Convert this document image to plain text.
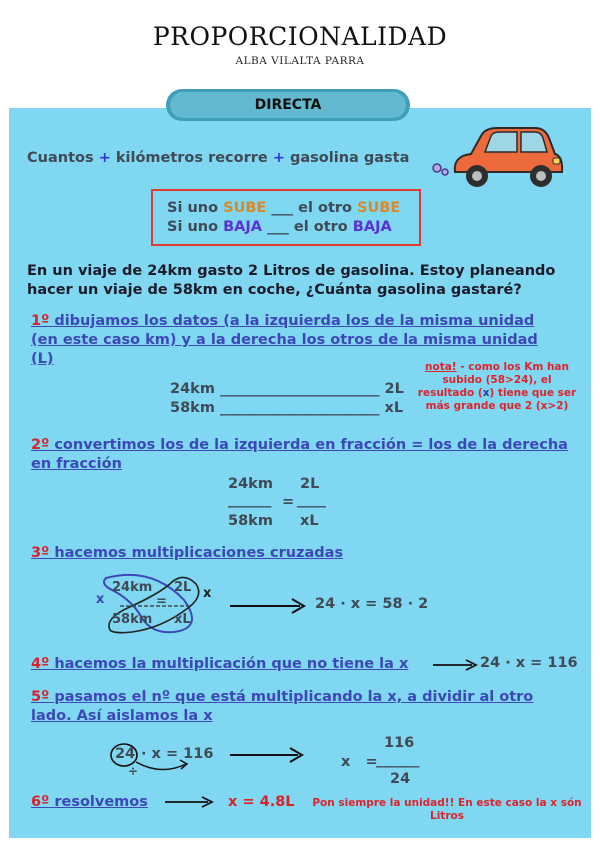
PROPORCIONALIDAD
ALBA VILALTA PARRA
DIRECTA
Cuantos + kilómetros recorre + gasolina gasta
Si uno SUBE ___ el otro SUBE
Si uno BAJA ___ el otro BAJA
En un viaje de 24km gasto 2 Litros de gasolina. Estoy planeando hacer un viaje de 58km en coche, ¿Cuánta gasolina gastaré?
1º dibujamos los datos (a la izquierda los de la misma unidad (en este caso km) y a la derecha los otros de la misma unidad (L)
24km ______________________ 2L
58km ______________________ xL
nota! - como los Km han subido (58>24), el resultado (x) tiene que ser más grande que 2 (x>2)
2º convertimos los de la izquierda en fracción = los de la derecha en fracción
24km
______
58km
=
2L
____
xL
3º hacemos multiplicaciones cruzadas
24km 2L
58km xL
=
x	x
24 · x = 58 · 2
4º hacemos la multiplicación que no tiene la x	24 · x = 116
5º pasamos el nº que está multiplicando la x, a dividir al otro lado. Así aislamos la x
24 · x = 116
÷
x   =
116
______
24
6º resolvemos	x = 4.8L Pon siempre la unidad!! En este caso la x són Litros
